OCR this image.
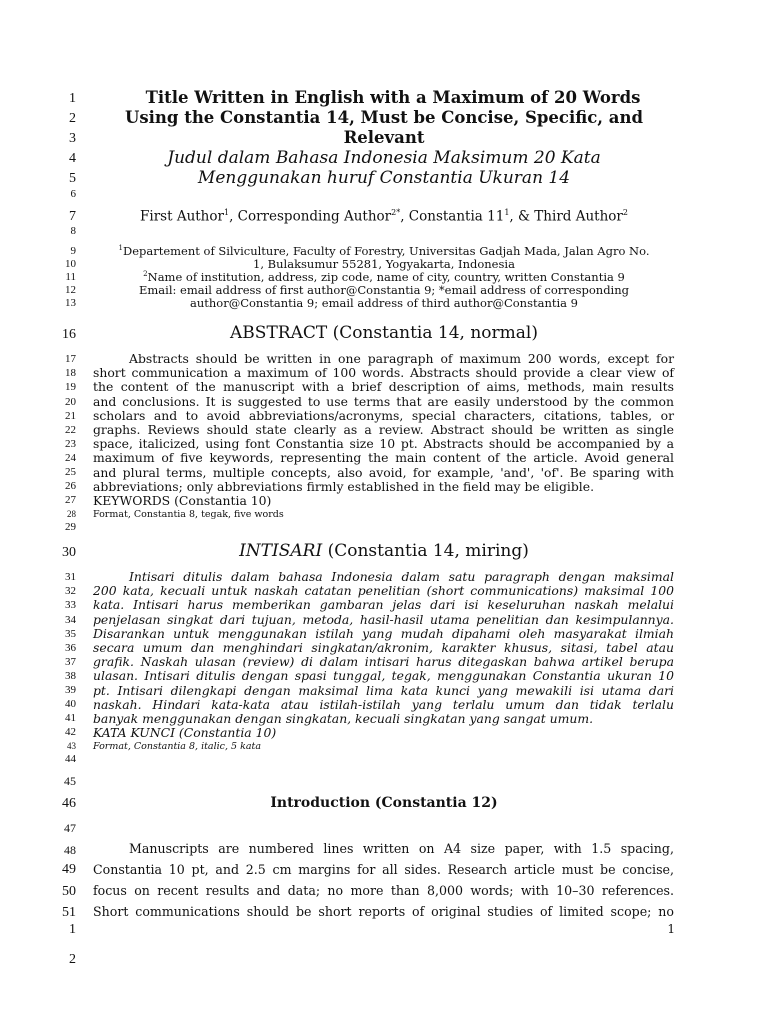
1
2
3
4
5
6
7
8
Title Written in English with a Maximum of 20 Words
Using the Constantia 14, Must be Concise, Specific, and
Relevant
Judul dalam Bahasa Indonesia Maksimum 20 Kata
Menggunakan huruf Constantia Ukuran 14
First Author$^1$, Corresponding Author$^{2*}$, Constantia $11^1$, & Third Author$^2$
9
10
11
12
13
$^1$Departement of Silviculture, Faculty of Forestry, Universitas Gadjah Mada, Jalan Agro No.
1, Bulaksumur 55281, Yogyakarta, Indonesia
$^2$Name of institution, address, zip code, name of city, country, written Constantia 9
Email: email address of first author@Constantia 9; *email address of corresponding
author@Constantia 9; email address of third author@Constantia 9
16	ABSTRACT (Constantia 14, normal)
17
18
19
20
21
22
23
24
25
26
27
28
29
Abstracts should be written in one paragraph of maximum 200 words, except for
short communication a maximum of 100 words. Abstracts should provide a clear view of
the content of the manuscript with a brief description of aims, methods, main results
and conclusions. It is suggested to use terms that are easily understood by the common
scholars and to avoid abbreviations/acronyms, special characters, citations, tables, or
graphs. Reviews should state clearly as a review. Abstract should be written as single
space, italicized, using font Constantia size 10 pt. Abstracts should be accompanied by a
maximum of five keywords, representing the main content of the article. Avoid general
and plural terms, multiple concepts, also avoid, for example, 'and', 'of'. Be sparing with
abbreviations; only abbreviations firmly established in the field may be eligible.
KEYWORDS (Constantia 10)
Format, Constantia 8, tegak, five words
30	INTISARI (Constantia 14, miring)
31
32
33
34
35
36
37
38
39
40
41
42
43
44
Intisari ditulis dalam bahasa Indonesia dalam satu paragraph dengan maksimal
200 kata, kecuali untuk naskah catatan penelitian (short communications) maksimal 100
kata. Intisari harus memberikan gambaran jelas dari isi keseluruhan naskah melalui
penjelasan singkat dari tujuan, metoda, hasil-hasil utama penelitian dan kesimpulannya.
Disarankan untuk menggunakan istilah yang mudah dipahami oleh masyarakat ilmiah
secara umum dan menghindari singkatan/akronim, karakter khusus, sitasi, tabel atau
grafik. Naskah ulasan (review) di dalam intisari harus ditegaskan bahwa artikel berupa
ulasan. Intisari ditulis dengan spasi tunggal, tegak, menggunakan Constantia ukuran 10
pt. Intisari dilengkapi dengan maksimal lima kata kunci yang mewakili isi utama dari
naskah. Hindari kata-kata atau istilah-istilah yang terlalu umum dan tidak terlalu
banyak menggunakan dengan singkatan, kecuali singkatan yang sangat umum.
KATA KUNCI (Constantia 10)
Format, Constantia 8, italic, 5 kata
45
46
47
Introduction (Constantia 12)
48
49
50
51
Manuscripts are numbered lines written on A4 size paper, with 1.5 spacing,
Constantia 10 pt, and 2.5 cm margins for all sides. Research article must be concise,
focus on recent results and data; no more than 8,000 words; with 10–30 references.
Short communications should be short reports of original studies of limited scope; no
1	1
2
